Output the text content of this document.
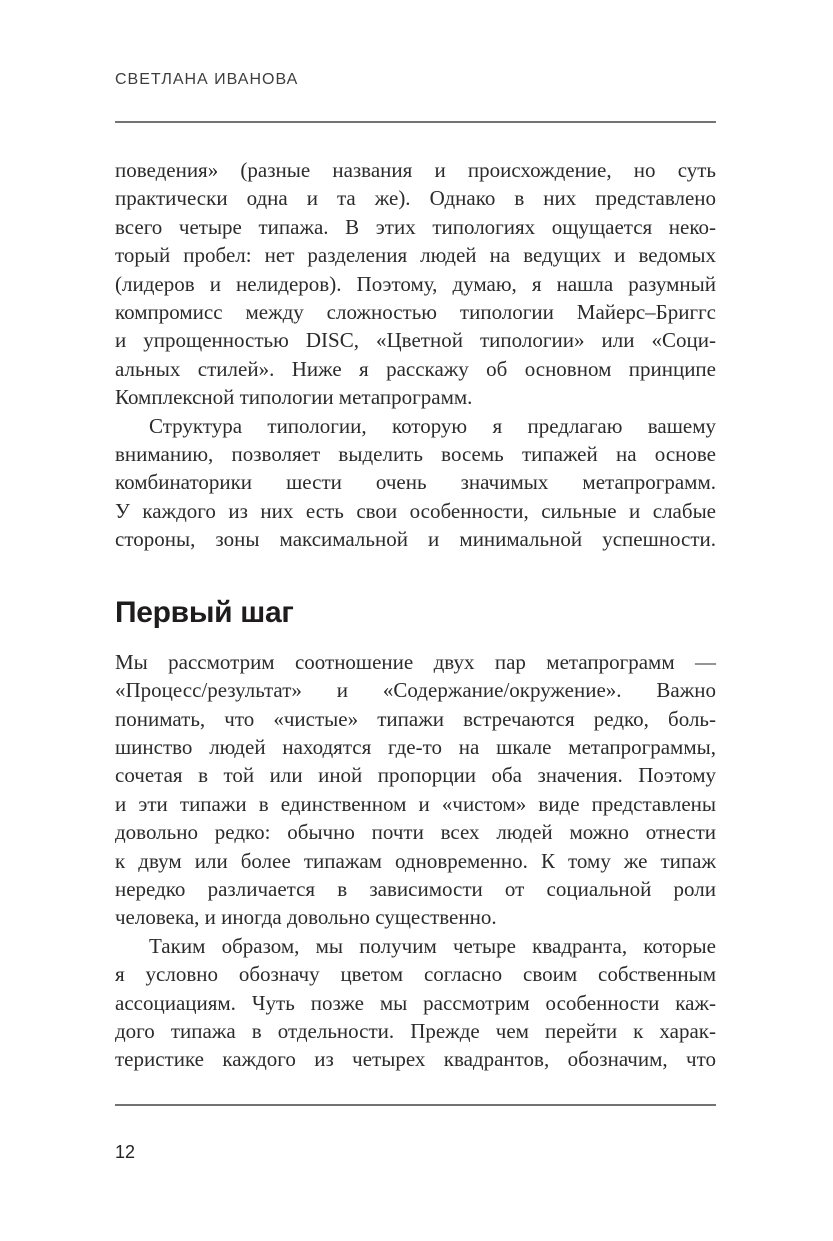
СВЕТЛАНА ИВАНОВА
поведения» (разные названия и происхождение, но суть
практически одна и та же). Однако в них представлено
всего четыре типажа. В этих типологиях ощущается неко-
торый пробел: нет разделения людей на ведущих и ведомых
(лидеров и нелидеров). Поэтому, думаю, я нашла разумный
компромисс между сложностью типологии Майерс–Бриггс
и упрощенностью DISC, «Цветной типологии» или «Соци-
альных стилей». Ниже я расскажу об основном принципе
Комплексной типологии метапрограмм.
Структура типологии, которую я предлагаю вашему
вниманию, позволяет выделить восемь типажей на основе
комбинаторики шести очень значимых метапрограмм.
У каждого из них есть свои особенности, сильные и слабые
стороны, зоны максимальной и минимальной успешности.
Первый шаг
Мы рассмотрим соотношение двух пар метапрограмм —
«Процесс/результат» и «Содержание/окружение». Важно
понимать, что «чистые» типажи встречаются редко, боль-
шинство людей находятся где-то на шкале метапрограммы,
сочетая в той или иной пропорции оба значения. Поэтому
и эти типажи в единственном и «чистом» виде представлены
довольно редко: обычно почти всех людей можно отнести
к двум или более типажам одновременно. К тому же типаж
нередко различается в зависимости от социальной роли
человека, и иногда довольно существенно.
Таким образом, мы получим четыре квадранта, которые
я условно обозначу цветом согласно своим собственным
ассоциациям. Чуть позже мы рассмотрим особенности каж-
дого типажа в отдельности. Прежде чем перейти к харак-
теристике каждого из четырех квадрантов, обозначим, что
12
